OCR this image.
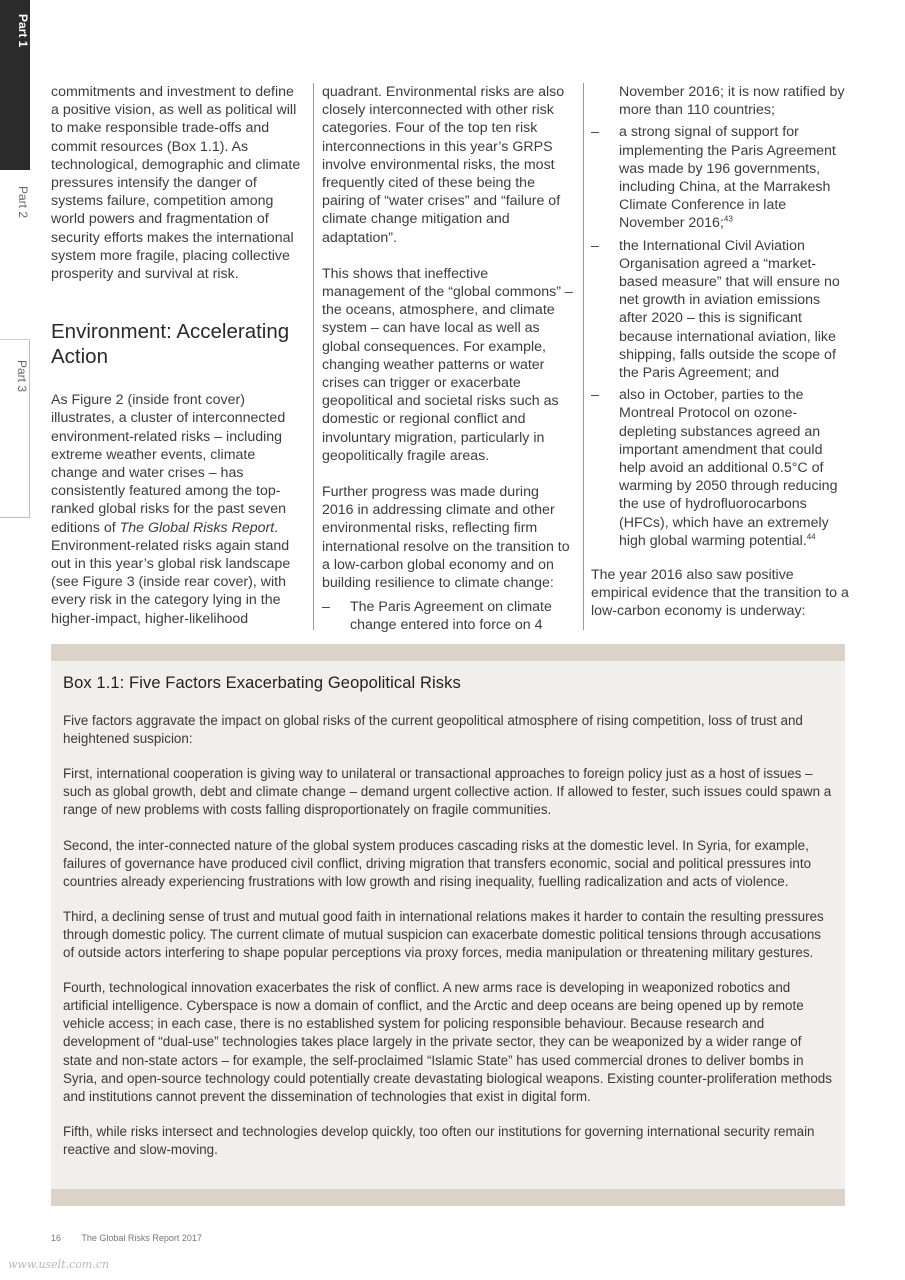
Part 1
Part 2
Part 3

commitments and investment to define a positive vision, as well as political will to make responsible trade-offs and commit resources (Box 1.1). As technological, demographic and climate pressures intensify the danger of systems failure, competition among world powers and fragmentation of security efforts makes the international system more fragile, placing collective prosperity and survival at risk.

Environment: Accelerating Action

As Figure 2 (inside front cover) illustrates, a cluster of interconnected environment-related risks – including extreme weather events, climate change and water crises – has consistently featured among the top-ranked global risks for the past seven editions of The Global Risks Report. Environment-related risks again stand out in this year’s global risk landscape (see Figure 3 (inside rear cover), with every risk in the category lying in the higher-impact, higher-likelihood

quadrant. Environmental risks are also closely interconnected with other risk categories. Four of the top ten risk interconnections in this year’s GRPS involve environmental risks, the most frequently cited of these being the pairing of “water crises” and “failure of climate change mitigation and adaptation”.

This shows that ineffective management of the “global commons” – the oceans, atmosphere, and climate system – can have local as well as global consequences. For example, changing weather patterns or water crises can trigger or exacerbate geopolitical and societal risks such as domestic or regional conflict and involuntary migration, particularly in geopolitically fragile areas.

Further progress was made during 2016 in addressing climate and other environmental risks, reflecting firm international resolve on the transition to a low-carbon global economy and on building resilience to climate change:

– The Paris Agreement on climate change entered into force on 4
November 2016; it is now ratified by more than 110 countries;
– a strong signal of support for implementing the Paris Agreement was made by 196 governments, including China, at the Marrakesh Climate Conference in late November 2016;$^{43}$
– the International Civil Aviation Organisation agreed a “market-based measure” that will ensure no net growth in aviation emissions after 2020 – this is significant because international aviation, like shipping, falls outside the scope of the Paris Agreement; and
– also in October, parties to the Montreal Protocol on ozone-depleting substances agreed an important amendment that could help avoid an additional 0.5°C of warming by 2050 through reducing the use of hydrofluorocarbons (HFCs), which have an extremely high global warming potential.$^{44}$

The year 2016 also saw positive empirical evidence that the transition to a low-carbon economy is underway:

Box 1.1: Five Factors Exacerbating Geopolitical Risks

Five factors aggravate the impact on global risks of the current geopolitical atmosphere of rising competition, loss of trust and heightened suspicion:

First, international cooperation is giving way to unilateral or transactional approaches to foreign policy just as a host of issues – such as global growth, debt and climate change – demand urgent collective action. If allowed to fester, such issues could spawn a range of new problems with costs falling disproportionately on fragile communities.

Second, the inter-connected nature of the global system produces cascading risks at the domestic level. In Syria, for example, failures of governance have produced civil conflict, driving migration that transfers economic, social and political pressures into countries already experiencing frustrations with low growth and rising inequality, fuelling radicalization and acts of violence.

Third, a declining sense of trust and mutual good faith in international relations makes it harder to contain the resulting pressures through domestic policy. The current climate of mutual suspicion can exacerbate domestic political tensions through accusations of outside actors interfering to shape popular perceptions via proxy forces, media manipulation or threatening military gestures.

Fourth, technological innovation exacerbates the risk of conflict. A new arms race is developing in weaponized robotics and artificial intelligence. Cyberspace is now a domain of conflict, and the Arctic and deep oceans are being opened up by remote vehicle access; in each case, there is no established system for policing responsible behaviour. Because research and development of “dual-use” technologies takes place largely in the private sector, they can be weaponized by a wider range of state and non-state actors – for example, the self-proclaimed “Islamic State” has used commercial drones to deliver bombs in Syria, and open-source technology could potentially create devastating biological weapons. Existing counter-proliferation methods and institutions cannot prevent the dissemination of technologies that exist in digital form.

Fifth, while risks intersect and technologies develop quickly, too often our institutions for governing international security remain reactive and slow-moving.

16 The Global Risks Report 2017
www.uselt.com.cn
